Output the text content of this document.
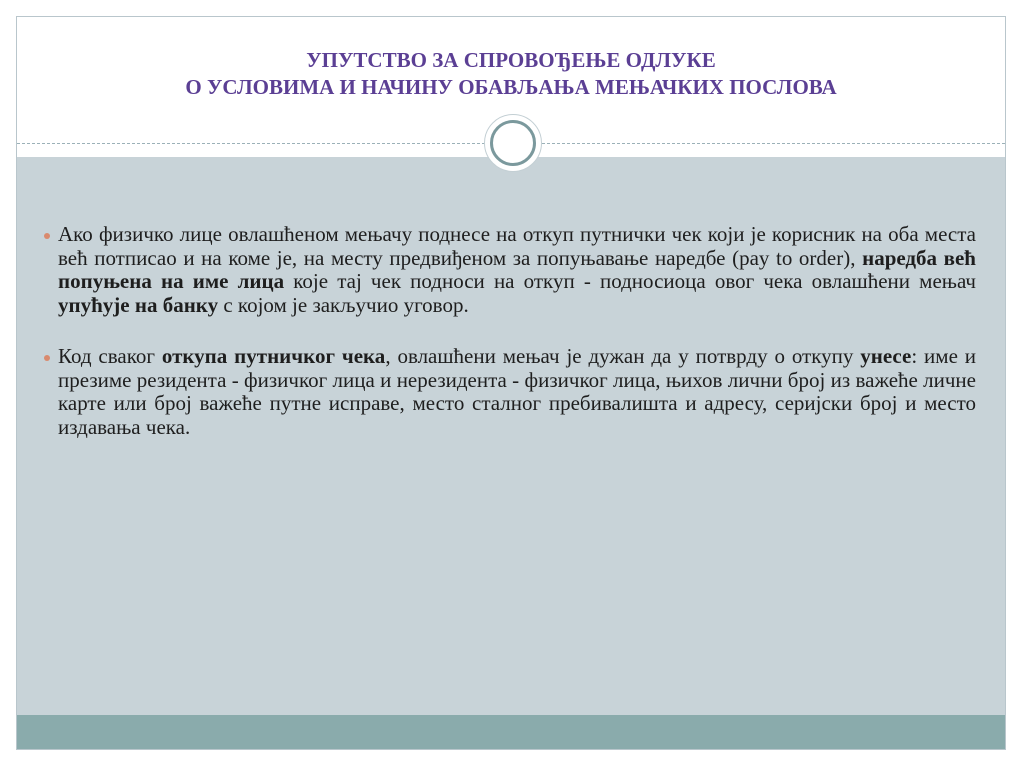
УПУТСТВО ЗА СПРОВОЂЕЊЕ ОДЛУКЕ
О УСЛОВИМА И НАЧИНУ ОБАВЉАЊА МЕЊАЧКИХ ПОСЛОВА

Ако физичко лице овлашћеном мењачу поднесе на откуп путнички чек који је корисник на оба места већ потписао и на коме је, на месту предвиђеном за попуњавање наредбе (pay to order), наредба већ попуњена на име лица које тај чек подноси на откуп - подносиоца овог чека овлашћени мењач упућује на банку с којом је закључио уговор.

Код сваког откупа путничког чека, овлашћени мењач је дужан да у потврду о откупу унесе: име и презиме резидента - физичког лица и нерезидента - физичког лица, њихов лични број из важеће личне карте или број важеће путне исправе, место сталног пребивалишта и адресу, серијски број и место издавања чека.
